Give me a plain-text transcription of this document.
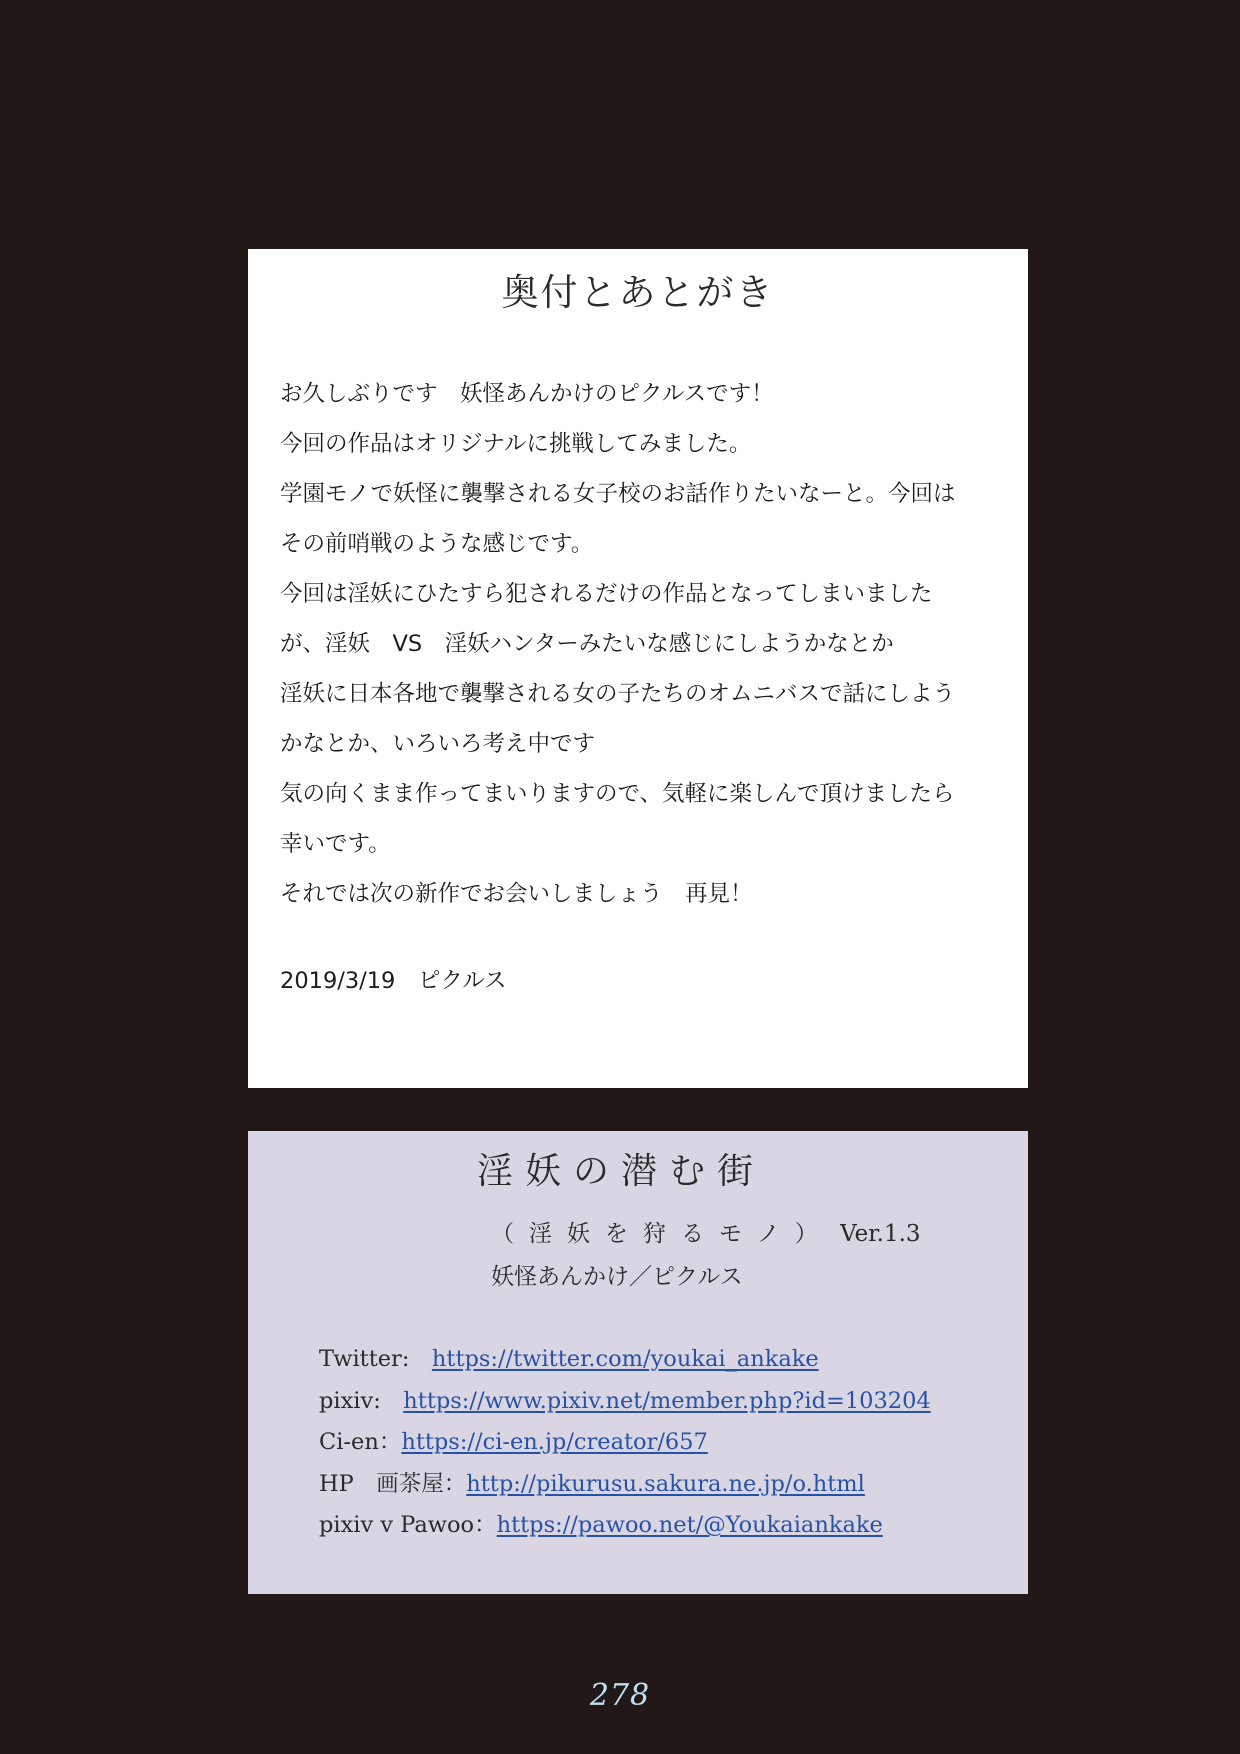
奥付とあとがき
お久しぶりです　妖怪あんかけのピクルスです！
今回の作品はオリジナルに挑戦してみました。
学園モノで妖怪に襲撃される女子校のお話作りたいなーと。今回は
その前哨戦のような感じです。
今回は淫妖にひたすら犯されるだけの作品となってしまいました
が、淫妖　VS　淫妖ハンターみたいな感じにしようかなとか
淫妖に日本各地で襲撃される女の子たちのオムニバスで話にしよう
かなとか、いろいろ考え中です
気の向くまま作ってまいりますので、気軽に楽しんで頂けましたら
幸いです。
それでは次の新作でお会いしましょう　再見！
2019/3/19　ピクルス
淫妖の潜む街
（淫妖を狩るモノ） Ver.1.3
妖怪あんかけ／ピクルス
Twitter:　https://twitter.com/youkai_ankake
pixiv:　https://www.pixiv.net/member.php?id=103204
Ci-en：https://ci-en.jp/creator/657
HP　画茶屋：http://pikurusu.sakura.ne.jp/o.html
pixiv v Pawoo：https://pawoo.net/@Youkaiankake
278
